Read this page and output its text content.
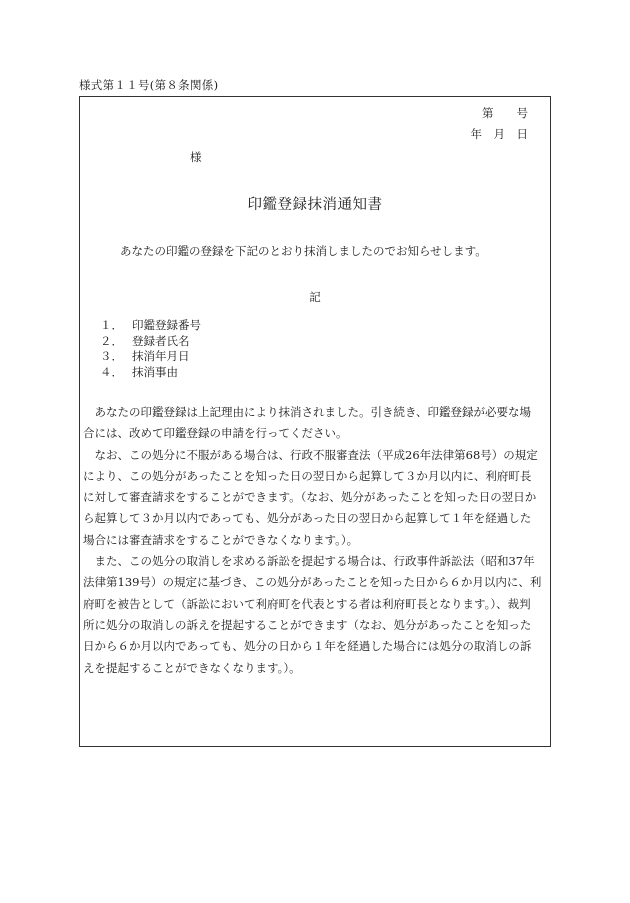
様式第１１号(第８条関係)
第　　号
年　月　日
様
印鑑登録抹消通知書
あなたの印鑑の登録を下記のとおり抹消しましたのでお知らせします。
記
１． 印鑑登録番号
２． 登録者氏名
３． 抹消年月日
４． 抹消事由

　あなたの印鑑登録は上記理由により抹消されました。引き続き、印鑑登録が必要な場

合には、改めて印鑑登録の申請を行ってください。

　なお、この処分に不服がある場合は、行政不服審査法（平成26年法律第68号）の規定

により、この処分があったことを知った日の翌日から起算して３か月以内に、利府町長

に対して審査請求をすることができます。（なお、処分があったことを知った日の翌日か

ら起算して３か月以内であっても、処分があった日の翌日から起算して１年を経過した

場合には審査請求をすることができなくなります。）。

　また、この処分の取消しを求める訴訟を提起する場合は、行政事件訴訟法（昭和37年

法律第139号）の規定に基づき、この処分があったことを知った日から６か月以内に、利

府町を被告として（訴訟において利府町を代表とする者は利府町長となります。）、裁判

所に処分の取消しの訴えを提起することができます（なお、処分があったことを知った

日から６か月以内であっても、処分の日から１年を経過した場合には処分の取消しの訴

えを提起することができなくなります。）。
